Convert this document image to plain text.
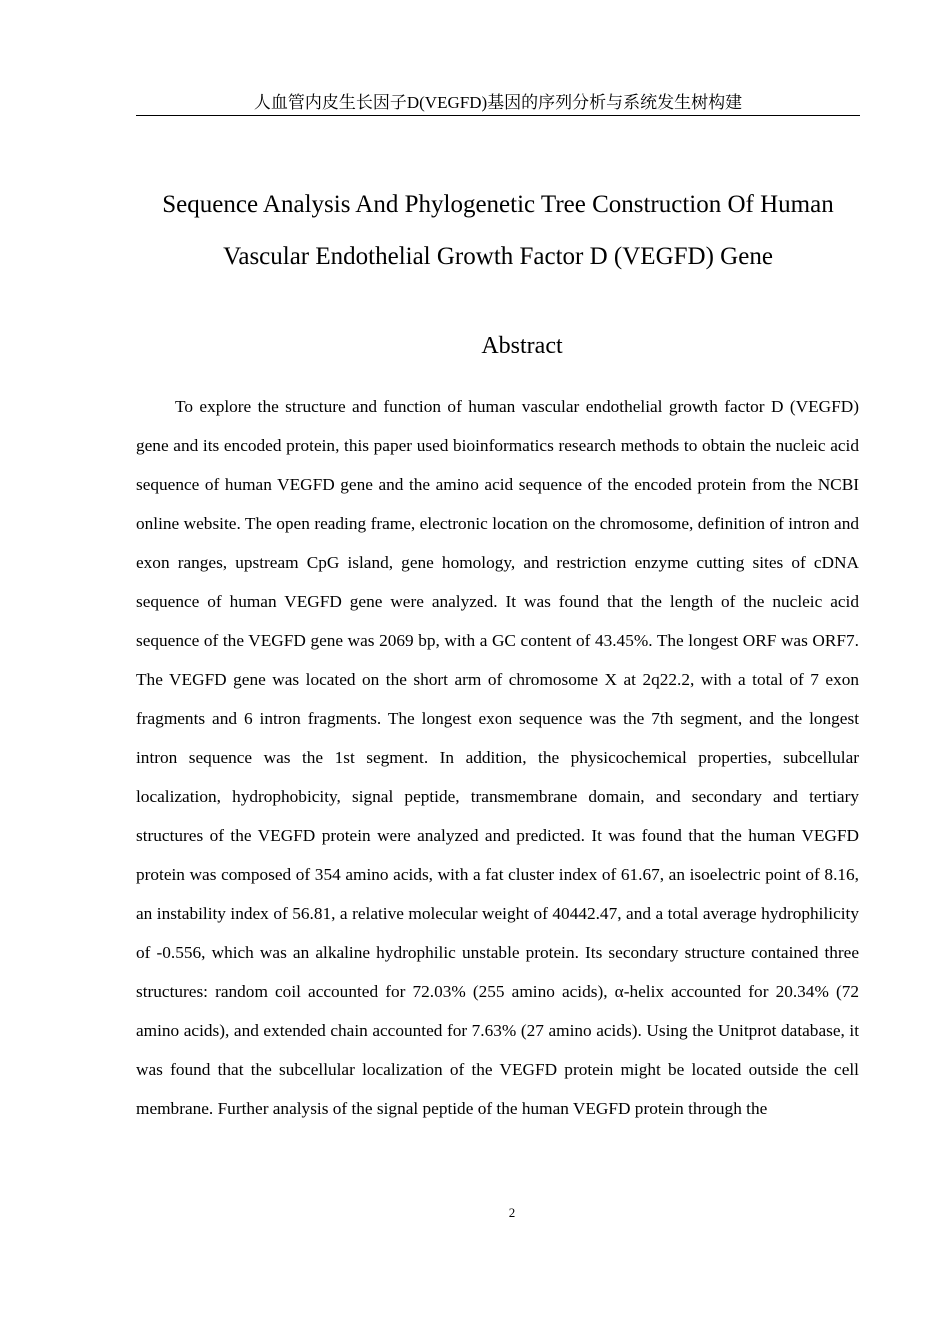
人血管内皮生长因子D(VEGFD)基因的序列分析与系统发生树构建
Sequence Analysis And Phylogenetic Tree Construction Of Human
Vascular Endothelial Growth Factor D (VEGFD) Gene
Abstract

To explore the structure and function of human vascular endothelial growth factor D (VEGFD) gene and its encoded protein, this paper used bioinformatics research methods to obtain the nucleic acid sequence of human VEGFD gene and the amino acid sequence of the encoded protein from the NCBI online website. The open reading frame, electronic location on the chromosome, definition of intron and exon ranges, upstream CpG island, gene homology, and restriction enzyme cutting sites of cDNA sequence of human VEGFD gene were analyzed. It was found that the length of the nucleic acid sequence of the VEGFD gene was 2069 bp, with a GC content of 43.45%. The longest ORF was ORF7. The VEGFD gene was located on the short arm of chromosome X at 2q22.2, with a total of 7 exon fragments and 6 intron fragments. The longest exon sequence was the 7th segment, and the longest intron sequence was the 1st segment. In addition, the physicochemical properties, subcellular localization, hydrophobicity, signal peptide, transmembrane domain, and secondary and tertiary structures of the VEGFD protein were analyzed and predicted. It was found that the human VEGFD protein was composed of 354 amino acids, with a fat cluster index of 61.67, an isoelectric point of 8.16, an instability index of 56.81, a relative molecular weight of 40442.47, and a total average hydrophilicity of -0.556, which was an alkaline hydrophilic unstable protein. Its secondary structure contained three structures: random coil accounted for 72.03% (255 amino acids), α-helix accounted for 20.34% (72 amino acids), and extended chain accounted for 7.63% (27 amino acids). Using the Unitprot database, it was found that the subcellular localization of the VEGFD protein might be located outside the cell membrane. Further analysis of the signal peptide of the human VEGFD protein through the

2
